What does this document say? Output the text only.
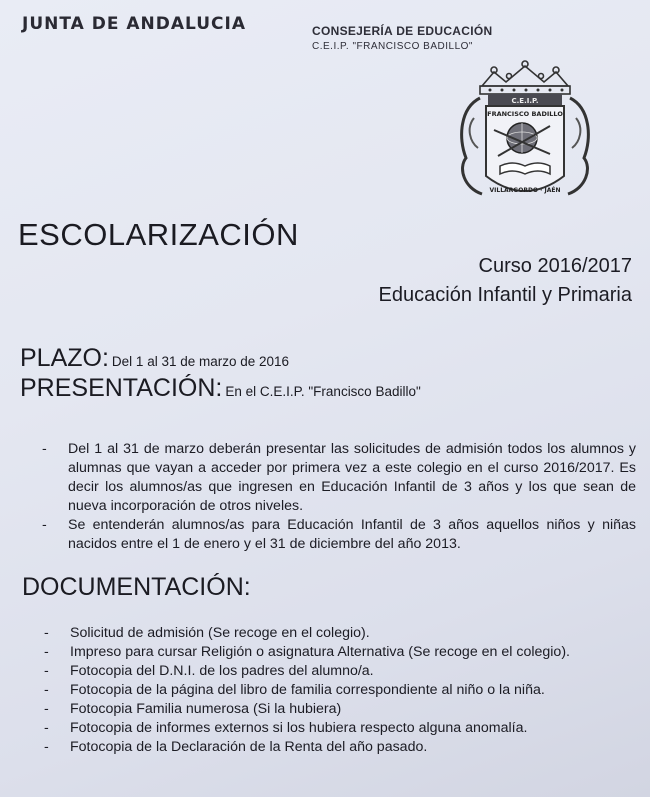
JUNTA DE ANDALUCIA	CONSEJERÍA DE EDUCACIÓN
C.E.I.P. "FRANCISCO BADILLO"
C.E.I.P.
FRANCISCO BADILLO
VILLARGORDO · JAÉN
ESCOLARIZACIÓN
Curso 2016/2017
Educación Infantil y Primaria
PLAZO: Del 1 al 31 de marzo de 2016
PRESENTACIÓN: En el C.E.I.P. "Francisco Badillo"
- Del 1 al 31 de marzo deberán presentar las solicitudes de admisión todos los alumnos y alumnas que vayan a acceder por primera vez a este colegio en el curso 2016/2017. Es decir los alumnos/as que ingresen en Educación Infantil de 3 años y los que sean de nueva incorporación de otros niveles.
- Se entenderán alumnos/as para Educación Infantil de 3 años aquellos niños y niñas nacidos entre el 1 de enero y el 31 de diciembre del año 2013.
DOCUMENTACIÓN:
- Solicitud de admisión (Se recoge en el colegio).
- Impreso para cursar Religión o asignatura Alternativa (Se recoge en el colegio).
- Fotocopia del D.N.I. de los padres del alumno/a.
- Fotocopia de la página del libro de familia correspondiente al niño o la niña.
- Fotocopia Familia numerosa (Si la hubiera)
- Fotocopia de informes externos si los hubiera respecto alguna anomalía.
- Fotocopia de la Declaración de la Renta del año pasado.
